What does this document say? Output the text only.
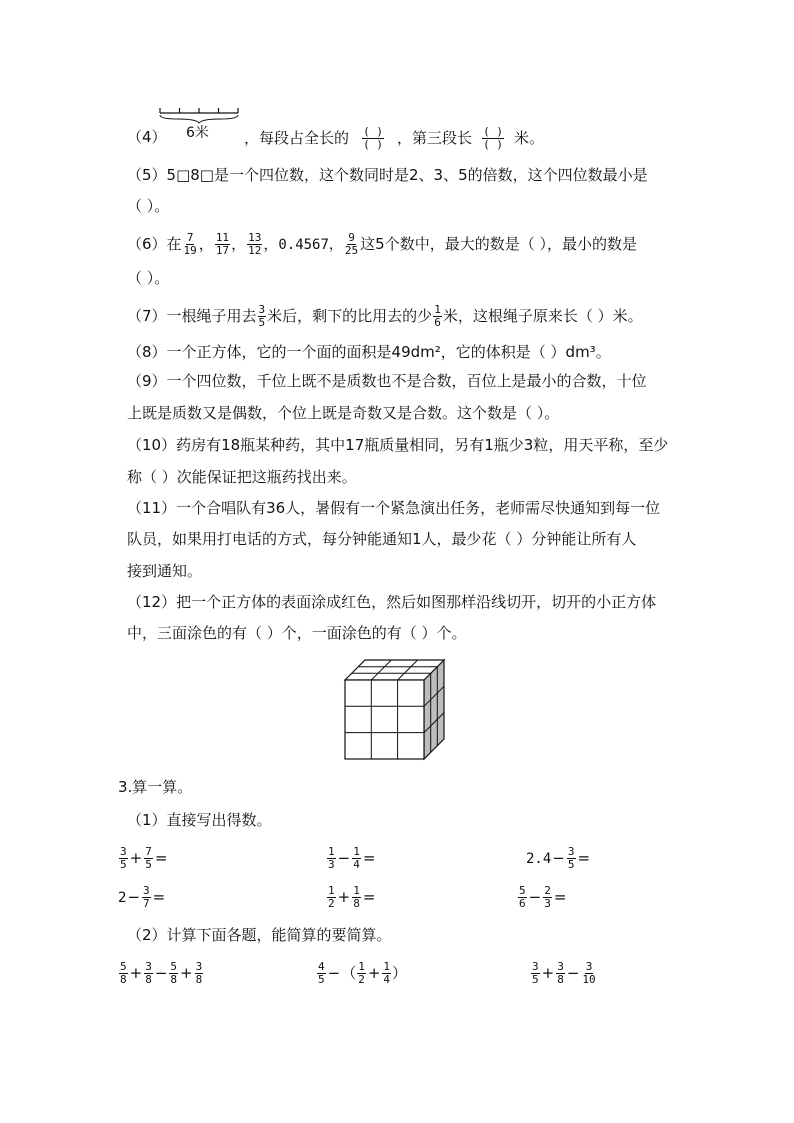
（4） 6米 ，每段占全长的 $\frac{( )}{( )}$ ，第三段长 $\frac{( )}{( )}$ 米。
（5）5□8□是一个四位数，这个数同时是2、3、5的倍数，这个四位数最小是
（ ）。
（6）在 $\frac{7}{19}$ ， $\frac{11}{17}$ ， $\frac{13}{12}$ ，0.4567， $\frac{9}{25}$ 这5个数中，最大的数是（ ），最小的数是
（ ）。
（7）一根绳子用去 $\frac{3}{5}$ 米后，剩下的比用去的少 $\frac{1}{6}$ 米，这根绳子原来长（ ）米。
（8）一个正方体，它的一个面的面积是49dm²，它的体积是（ ）dm³。
（9）一个四位数，千位上既不是质数也不是合数，百位上是最小的合数，十位
上既是质数又是偶数，个位上既是奇数又是合数。这个数是（ ）。
（10）药房有18瓶某种药，其中17瓶质量相同，另有1瓶少3粒，用天平称，至少
称（ ）次能保证把这瓶药找出来。
（11）一个合唱队有36人，暑假有一个紧急演出任务，老师需尽快通知到每一位
队员，如果用打电话的方式，每分钟能通知1人，最少花（ ）分钟能让所有人
接到通知。
（12）把一个正方体的表面涂成红色，然后如图那样沿线切开，切开的小正方体
中，三面涂色的有（ ）个，一面涂色的有（ ）个。
3.算一算。
（1）直接写出得数。
$\frac{3}{5} + \frac{7}{5}$ =	$\frac{1}{3} - \frac{1}{4}$ =	$2.4- \frac{3}{5}$ =
$2- \frac{3}{7}$ =	$\frac{1}{2} + \frac{1}{8}$ =	$\frac{5}{6} - \frac{2}{3}$ =
（2）计算下面各题，能简算的要简算。
$\frac{5}{8} + \frac{3}{8} - \frac{5}{8} + \frac{3}{8}$	$\frac{4}{5}$ −（ $\frac{1}{2} + \frac{1}{4}$ ）	$\frac{3}{5} + \frac{3}{8} - \frac{3}{10}$
